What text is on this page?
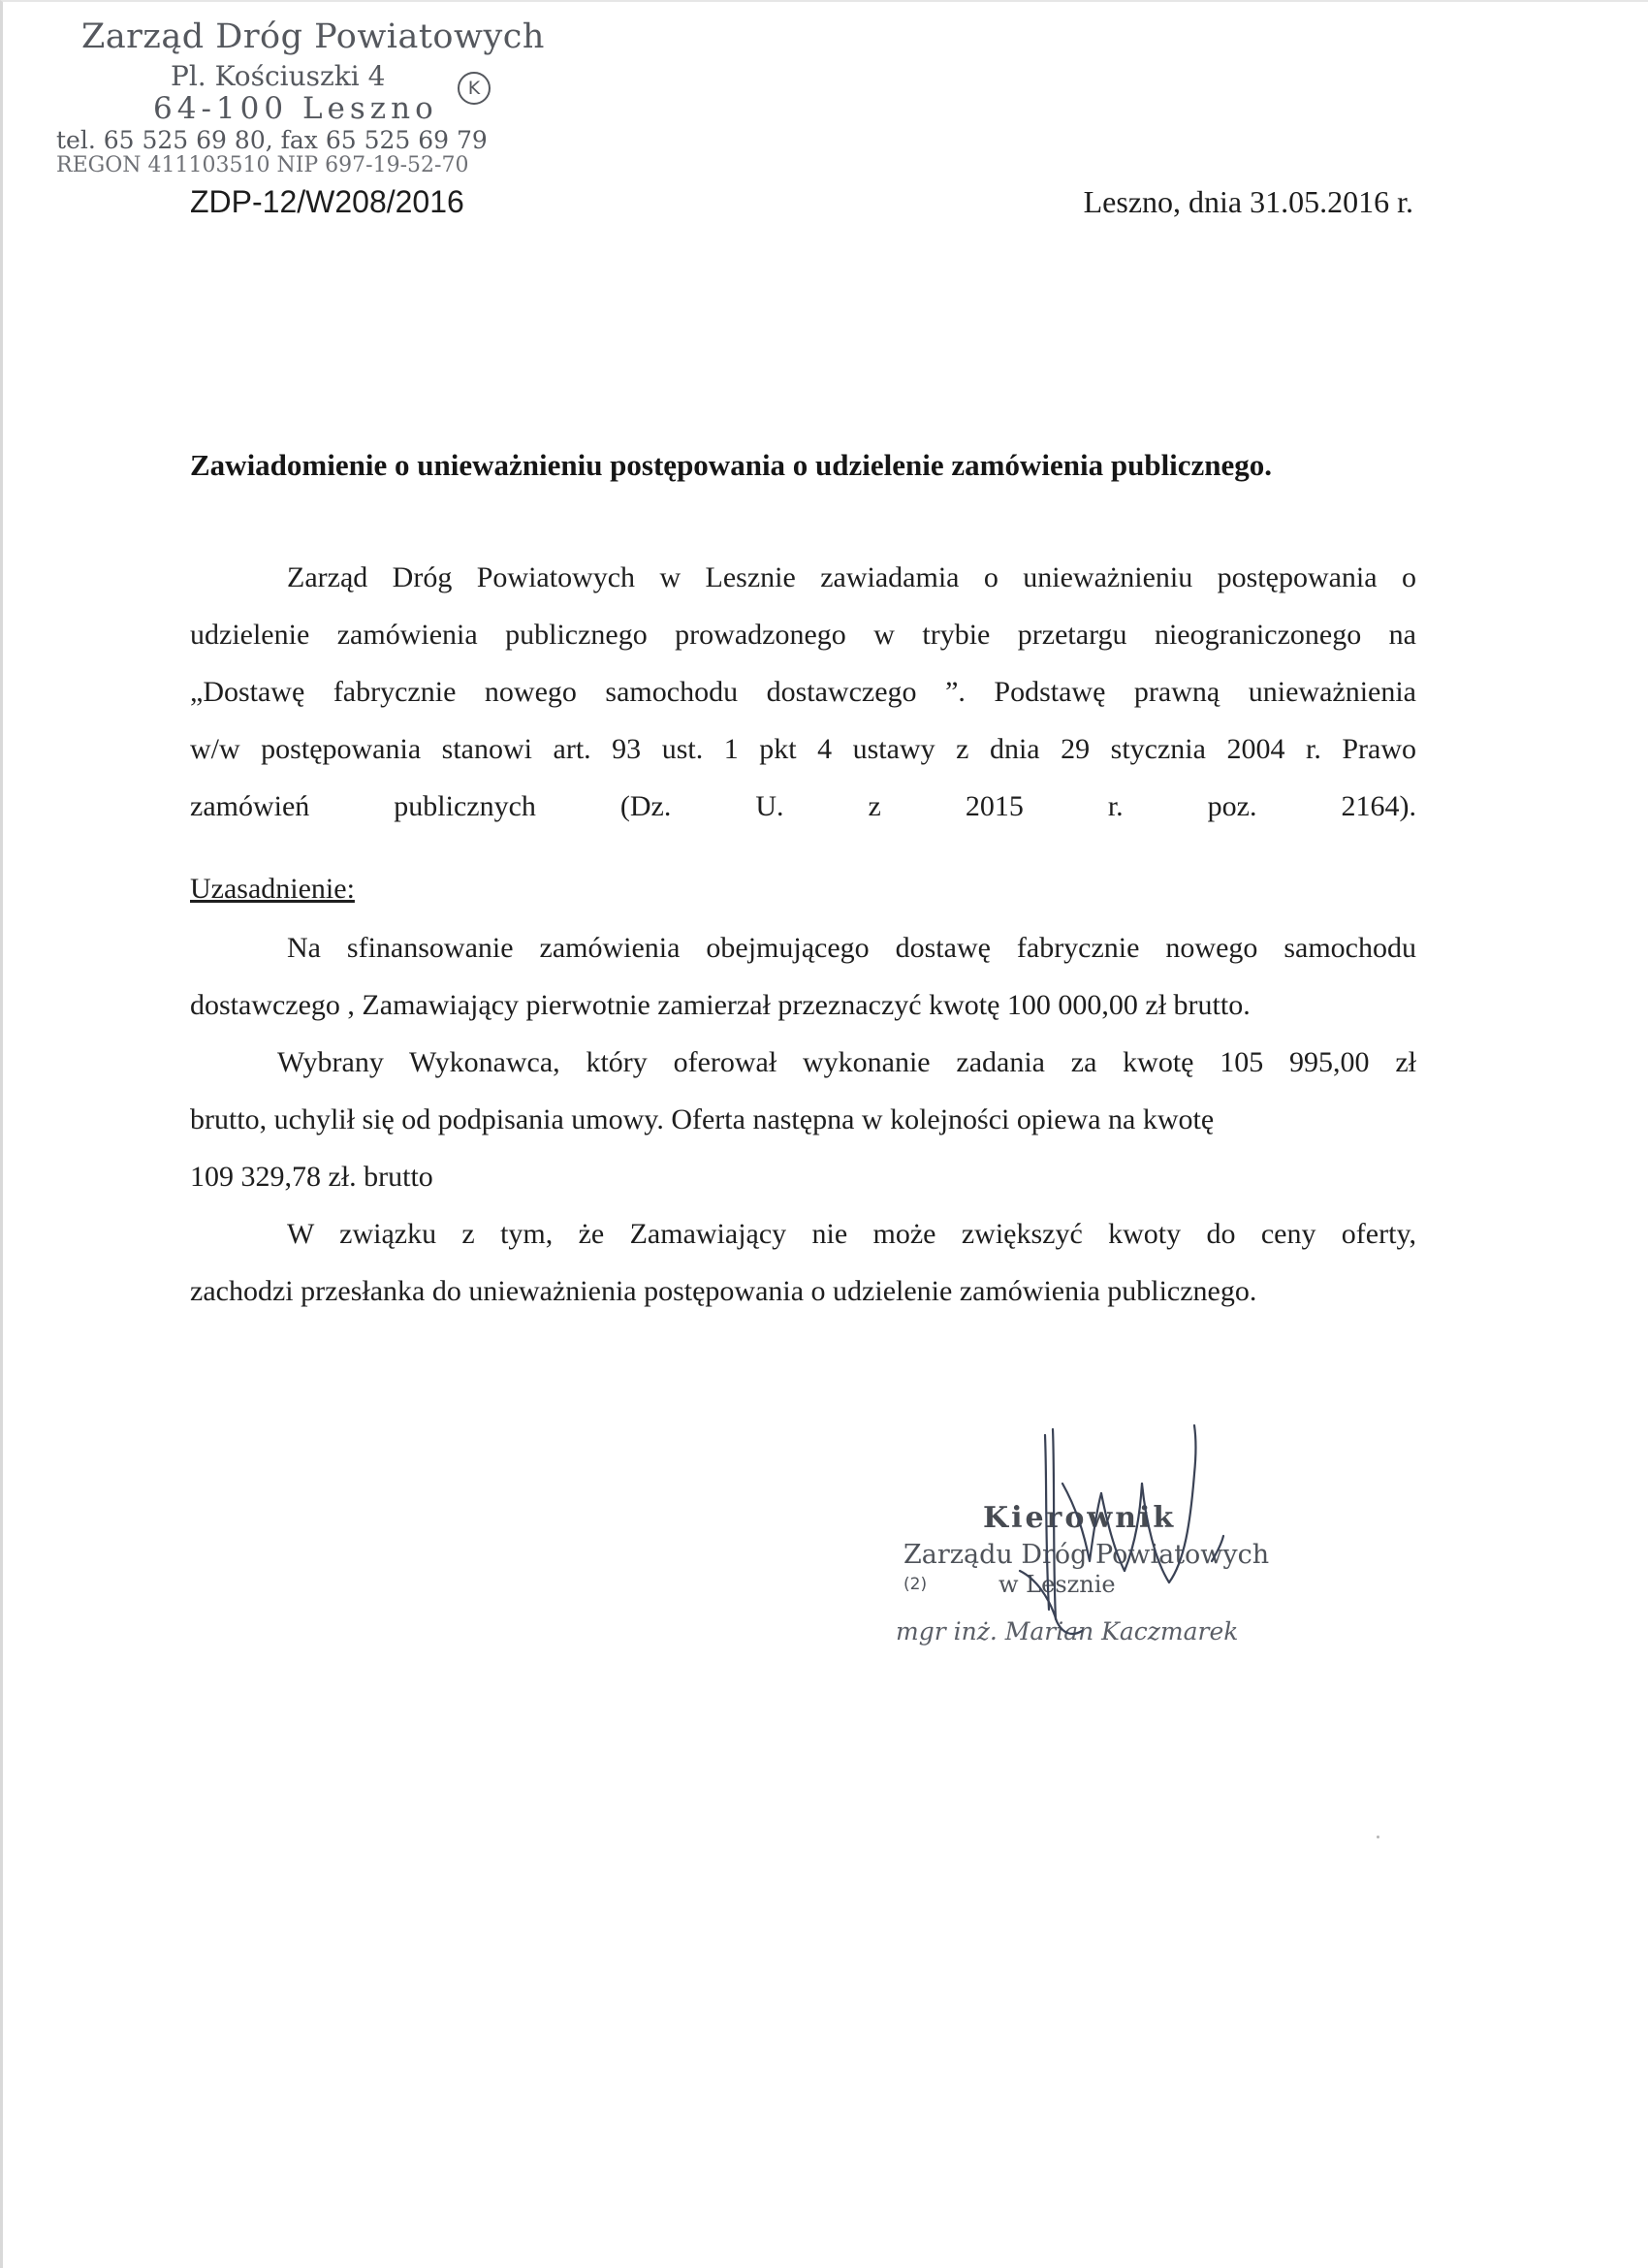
Zarząd Dróg Powiatowych
Pl. Kościuszki 4
64-100 Leszno
tel. 65 525 69 80, fax 65 525 69 79
REGON 411103510 NIP 697-19-52-70
K
ZDP-12/W208/2016	Leszno, dnia 31.05.2016 r.
Zawiadomienie o unieważnieniu postępowania o udzielenie zamówienia publicznego.
Zarząd Dróg Powiatowych w Lesznie zawiadamia o unieważnieniu postępowania o
udzielenie zamówienia publicznego prowadzonego w trybie przetargu nieograniczonego na
„Dostawę fabrycznie nowego samochodu dostawczego ”. Podstawę prawną unieważnienia
w/w postępowania stanowi art. 93 ust. 1 pkt 4 ustawy z dnia 29 stycznia 2004 r. Prawo
zamówień publicznych (Dz. U. z 2015 r. poz. 2164).
Uzasadnienie:
Na sfinansowanie zamówienia obejmującego dostawę fabrycznie nowego samochodu
dostawczego , Zamawiający pierwotnie zamierzał przeznaczyć kwotę 100 000,00 zł brutto.
Wybrany Wykonawca, który oferował wykonanie zadania za kwotę 105 995,00 zł
brutto, uchylił się od podpisania umowy. Oferta następna w kolejności opiewa na kwotę
109 329,78 zł. brutto
W związku z tym, że Zamawiający nie może zwiększyć kwoty do ceny oferty,
zachodzi przesłanka do unieważnienia postępowania o udzielenie zamówienia publicznego.
Kierownik
Zarządu Dróg Powiatowych
(2)	w Lesznie
mgr inż. Marian Kaczmarek
